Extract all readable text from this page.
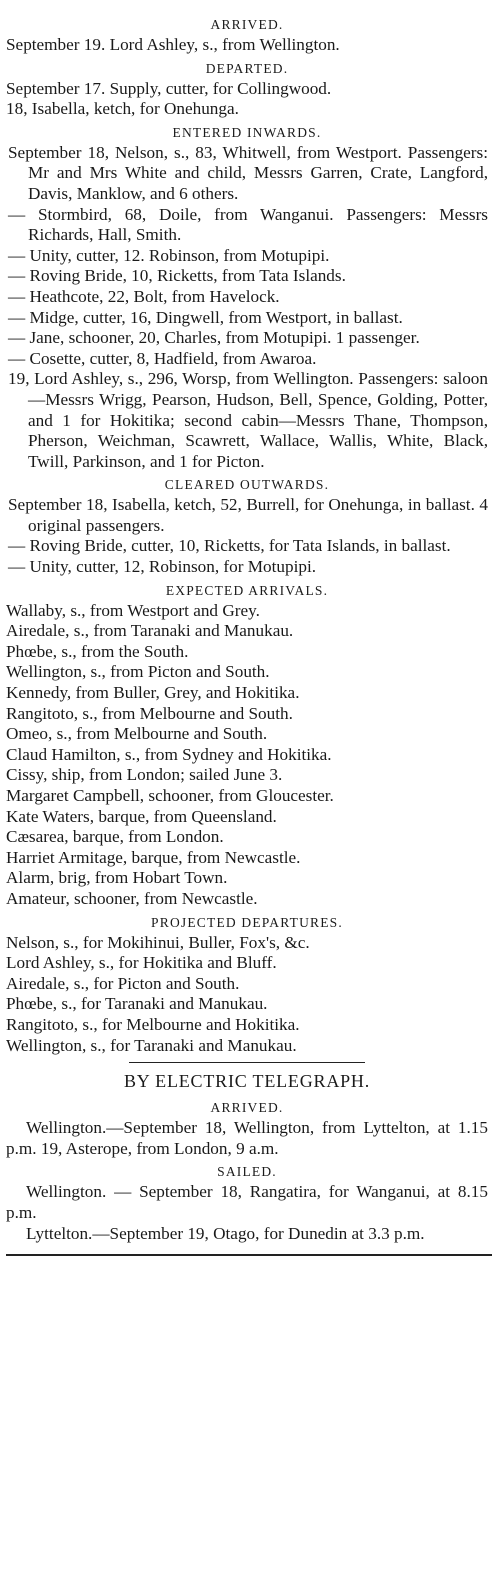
ARRIVED.

September 19. Lord Ashley, s., from Wellington.

DEPARTED.

September 17. Supply, cutter, for Collingwood.

18, Isabella, ketch, for Onehunga.

ENTERED INWARDS.

September 18, Nelson, s., 83, Whitwell, from Westport. Passengers: Mr and Mrs White and child, Messrs Garren, Crate, Langford, Davis, Manklow, and 6 others.

— Stormbird, 68, Doile, from Wanganui. Passengers: Messrs Richards, Hall, Smith.

— Unity, cutter, 12. Robinson, from Motupipi.

— Roving Bride, 10, Ricketts, from Tata Islands.

— Heathcote, 22, Bolt, from Havelock.

— Midge, cutter, 16, Dingwell, from Westport, in ballast.

— Jane, schooner, 20, Charles, from Motupipi. 1 passenger.

— Cosette, cutter, 8, Hadfield, from Awaroa.

19, Lord Ashley, s., 296, Worsp, from Wellington. Passengers: saloon—Messrs Wrigg, Pearson, Hudson, Bell, Spence, Golding, Potter, and 1 for Hokitika; second cabin—Messrs Thane, Thompson, Pherson, Weichman, Scawrett, Wallace, Wallis, White, Black, Twill, Parkinson, and 1 for Picton.

CLEARED OUTWARDS.

September 18, Isabella, ketch, 52, Burrell, for Onehunga, in ballast. 4 original passengers.

— Roving Bride, cutter, 10, Ricketts, for Tata Islands, in ballast.

— Unity, cutter, 12, Robinson, for Motupipi.

EXPECTED ARRIVALS.

Wallaby, s., from Westport and Grey.

Airedale, s., from Taranaki and Manukau.

Phœbe, s., from the South.

Wellington, s., from Picton and South.

Kennedy, from Buller, Grey, and Hokitika.

Rangitoto, s., from Melbourne and South.

Omeo, s., from Melbourne and South.

Claud Hamilton, s., from Sydney and Hokitika.

Cissy, ship, from London; sailed June 3.

Margaret Campbell, schooner, from Gloucester.

Kate Waters, barque, from Queensland.

Cæsarea, barque, from London.

Harriet Armitage, barque, from Newcastle.

Alarm, brig, from Hobart Town.

Amateur, schooner, from Newcastle.

PROJECTED DEPARTURES.

Nelson, s., for Mokihinui, Buller, Fox's, &c.

Lord Ashley, s., for Hokitika and Bluff.

Airedale, s., for Picton and South.

Phœbe, s., for Taranaki and Manukau.

Rangitoto, s., for Melbourne and Hokitika.

Wellington, s., for Taranaki and Manukau.

BY ELECTRIC TELEGRAPH.
ARRIVED.

Wellington.—September 18, Wellington, from Lyttelton, at 1.15 p.m. 19, Asterope, from London, 9 a.m.

SAILED.

Wellington. — September 18, Rangatira, for Wanganui, at 8.15 p.m.

Lyttelton.—September 19, Otago, for Dunedin at 3.3 p.m.
